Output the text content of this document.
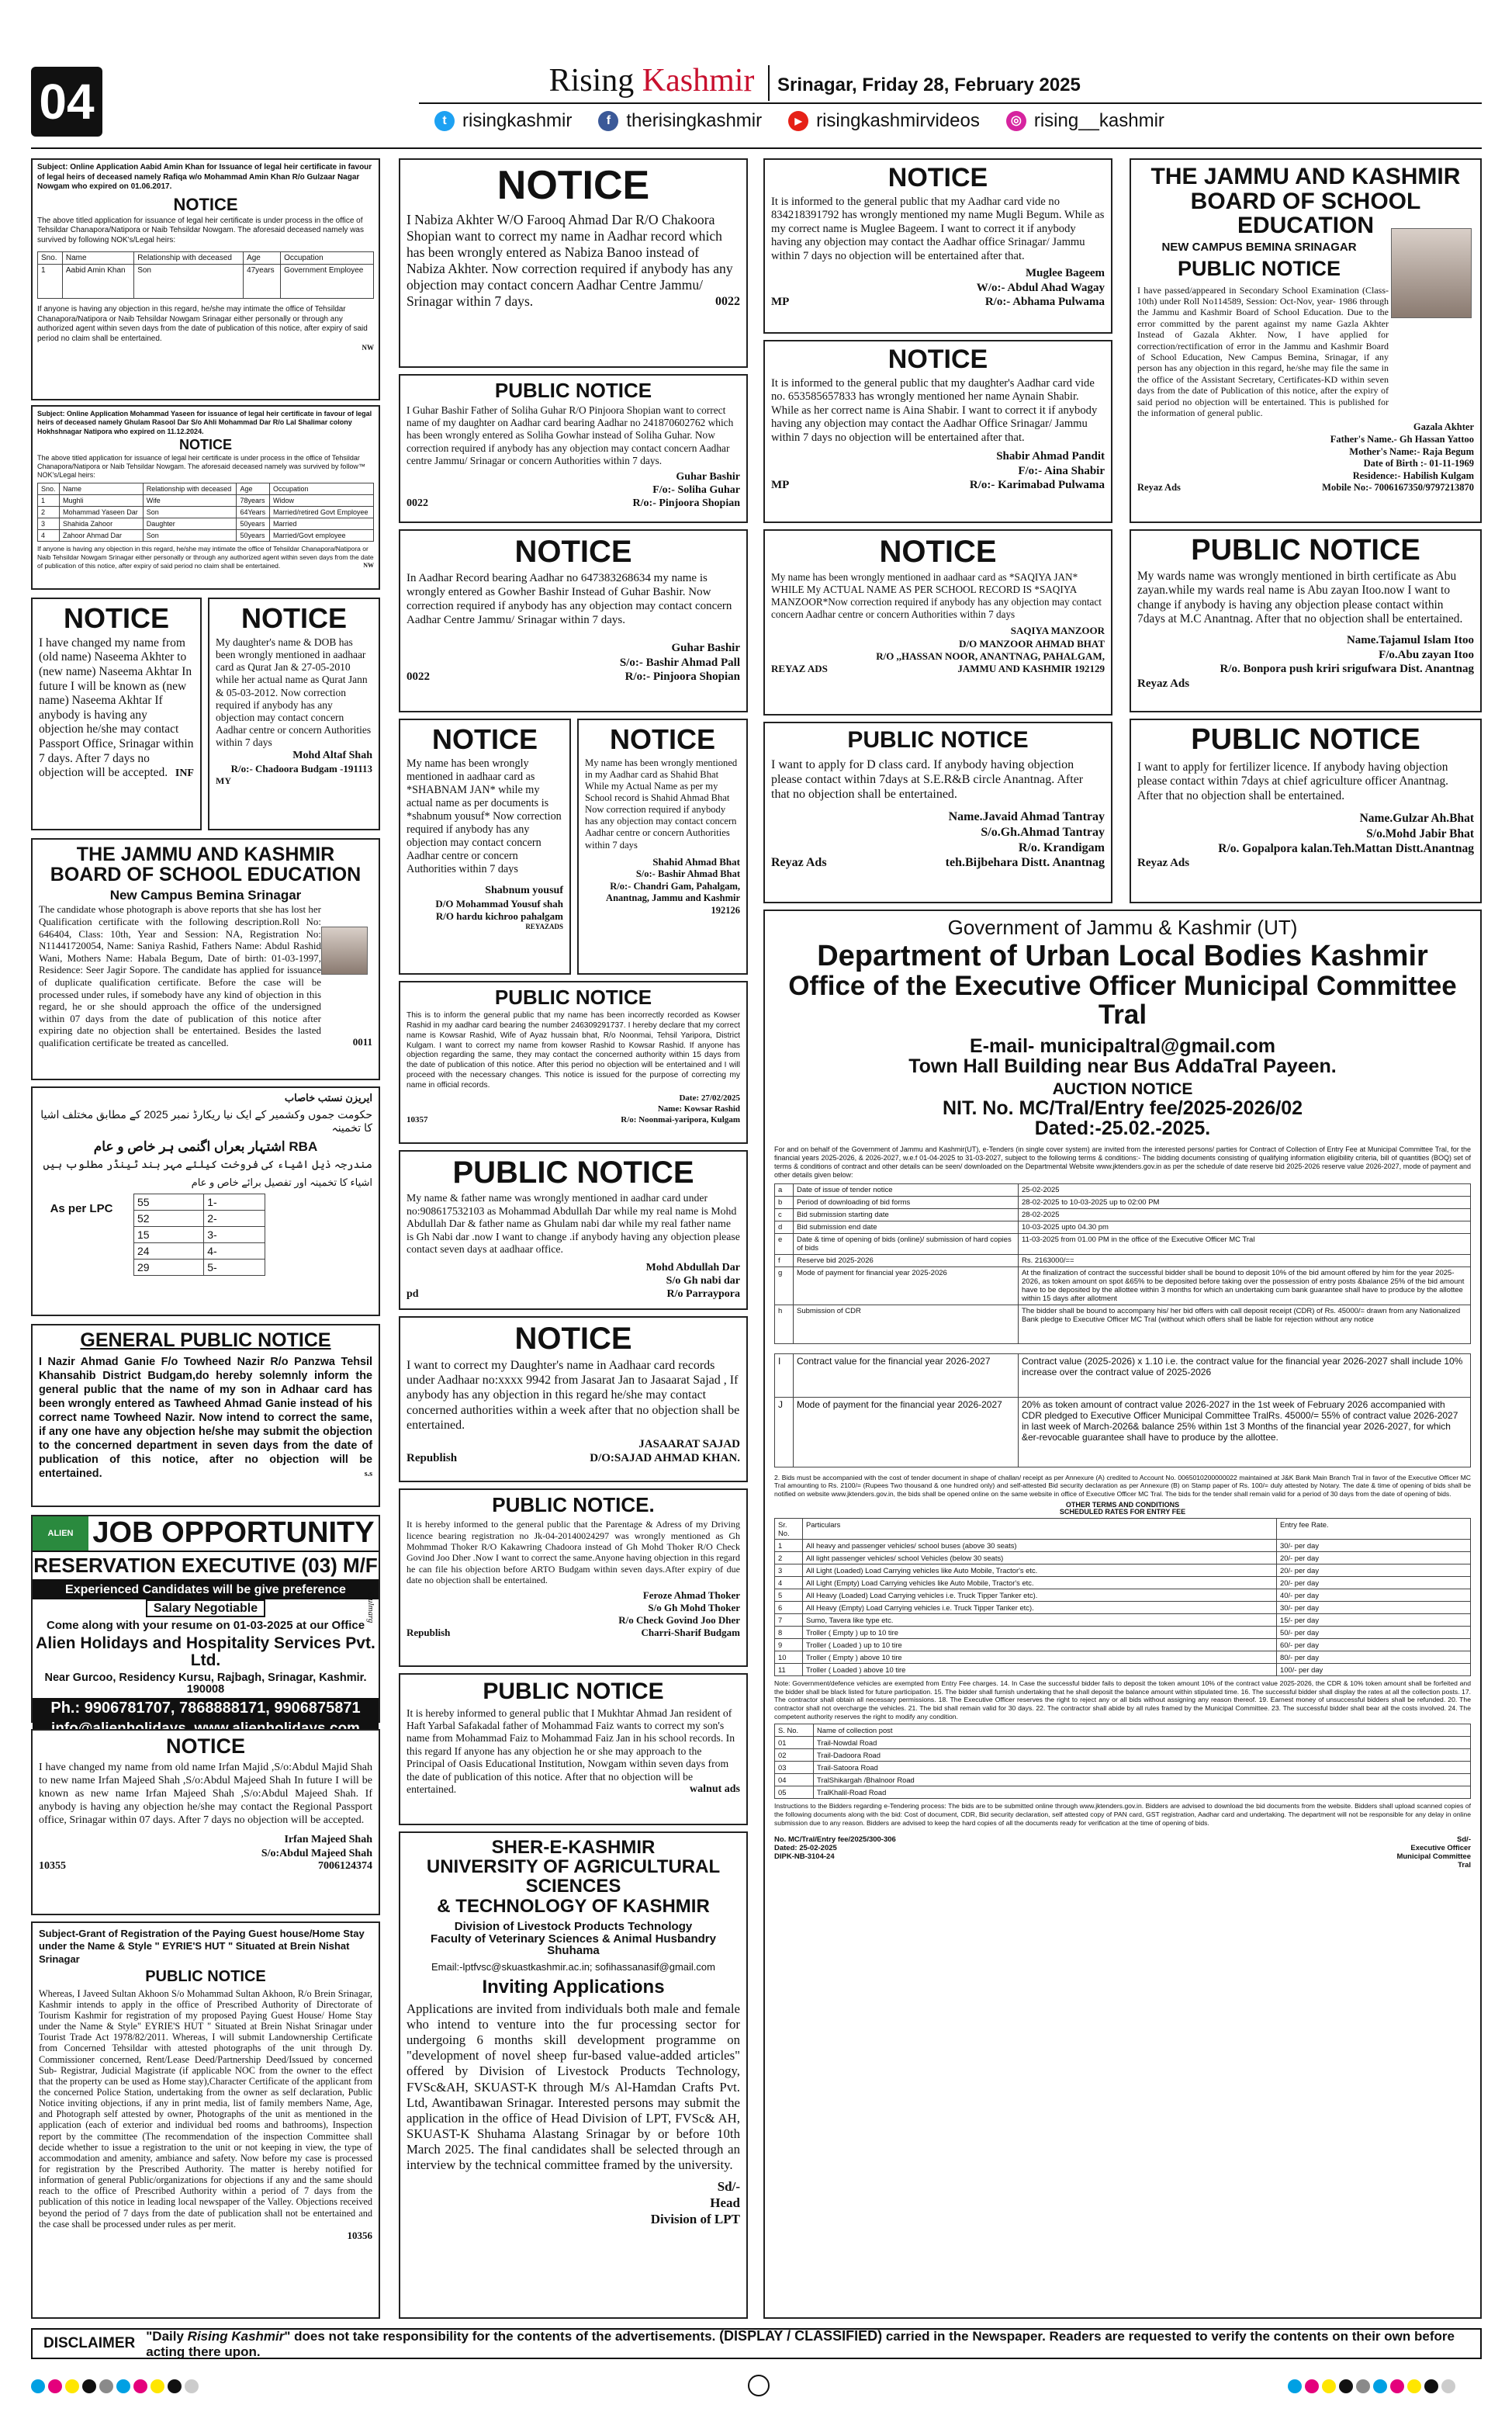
04	Rising Kashmir	Srinagar, Friday 28, February 2025
t risingkashmir	f therisingkashmir	▶ risingkashmirvideos	◎ rising__kashmir
Subject: Online Application Aabid Amin Khan for Issuance of legal heir certificate in favour of legal heirs of deceased namely Rafiqa w/o Mohammad Amin Khan R/o Gulzaar Nagar Nowgam who expired on 01.06.2017.
NOTICE
The above titled application for issuance of legal heir certificate is under process in the office of Tehsildar Chanapora/Natipora or Naib Tehsildar Nowgam. The aforesaid deceased namely was survived by following NOK's/Legal heirs:
Sno.	Name	Relationship with deceased	Age	Occupation
1	Aabid Amin Khan	Son	47years	Government Employee
If anyone is having any objection in this regard, he/she may intimate the office of Tehsildar Chanapora/Natipora or Naib Tehsildar Nowgam Srinagar either personally or through any authorized agent within seven days from the date of publication of this notice, after expiry of said period no claim shall be entertained.
NW
Subject: Online Application Mohammad Yaseen for issuance of legal heir certificate in favour of legal heirs of deceased namely Ghulam Rasool Dar S/o Ahli Mohammad Dar R/o Lal Shalimar colony Hokhshnagar Natipora who expired on 11.12.2024.
NOTICE
The above titled application for issuance of legal heir certificate is under process in the office of Tehsildar Chanapora/Natipora or Naib Tehsildar Nowgam. The aforesaid deceased namely was survived by follow™ NOK's/Legal heirs:
Sno.	Name	Relationship with deceased	Age	Occupation
1	Mughli	Wife	78years	Widow
2	Mohammad Yaseen Dar	Son	64Years	Married/retired Govt Employee
3	Shahida Zahoor	Daughter	50years	Married
4	Zahoor Ahmad Dar	Son	50years	Married/Govt employee
If anyone is having any objection in this regard, he/she may intimate the office of Tehsildar Chanapora/Natipora or Naib Tehsildar Nowgam Srinagar either personally or through any authorized agent within seven days from the date of publication of this notice, after expiry of said period no claim shall be entertained.	NW
NOTICE
I have changed my name from (old name) Naseema Akhter to (new name) Naseema Akhtar In future I will be known as (new name) Naseema Akhtar If anybody is having any objection he/she may contact Passport Office, Srinagar within 7 days. After 7 days no objection will be accepted. INF
NOTICE
My daughter's name & DOB has been wrongly mentioned in aadhaar card as Qurat Jan & 27-05-2010 while her actual name as Qurat Jann & 05-03-2012. Now correction required if anybody has any objection may contact concern Aadhar centre or concern Authorities within 7 days
Mohd Altaf Shah
R/o:- Chadoora Budgam -191113
MY
THE JAMMU AND KASHMIR BOARD OF SCHOOL EDUCATION
New Campus Bemina Srinagar
The candidate whose photograph is above reports that she has lost her Qualification certificate with the following description.Roll No: 646404, Class: 10th, Year and Session: NA, Registration No: N11441720054, Name: Saniya Rashid, Fathers Name: Abdul Rashid Wani, Mothers Name: Habala Begum, Date of birth: 01-03-1997, Residence: Seer Jagir Sopore. The candidate has applied for issuance of duplicate qualification certificate. Before the case will be processed under rules, if somebody have any kind of objection in this regard, he or she should approach the office of the undersigned within 07 days from the date of publication of this notice after expiring date no objection shall be entertained. Besides the lasted qualification certificate be treated as cancelled.	0011
ایریزن نستب خاصاب
حکومت جموں وکشمیر کے ایک نیا ریکارڈ نمبر 2025 کے مطابق مختلف اشیا کا تخمینہ
RBA اشتہار بعراں اگنمی ہر خاص و عام
مندرجہ ذیل اشیاء کی فروخت کیلئے مہر بند ٹینڈر مطلوب ہیں
اشیاء کا تخمینہ اور تفصیل برائے خاص و عام
As per LPC	55	1-
52	2-
15	3-
24	4-
29	5-
GENERAL PUBLIC NOTICE
I Nazir Ahmad Ganie F/o Towheed Nazir R/o Panzwa Tehsil Khansahib District Budgam,do hereby solemnly inform the general public that the name of my son in Adhaar card has been wrongly entered as Tawheed Ahmad Ganie instead of his correct name Towheed Nazir. Now intend to correct the same, if any one have any objection he/she may submit the objection to the concerned department in seven days from the date of publication of this notice, after no objection will be entertained.	s.s
ALIEN JOB OPPORTUNITY
RESERVATION EXECUTIVE (03) M/F
Experienced Candidates will be give preference
Salary Negotiable	Gulmarg
Come along with your resume on 01-03-2025 at our Office
Alien Holidays and Hospitality Services Pvt. Ltd.
Near Gurcoo, Residency Kursu, Rajbagh, Srinagar, Kashmir. 190008
Ph.: 9906781707, 7868888171, 9906875871
NOTICE
I have changed my name from old name Irfan Majid ,S/o:Abdul Majid Shah to new name Irfan Majeed Shah ,S/o:Abdul Majeed Shah In future I will be known as new name Irfan Majeed Shah ,S/o:Abdul Majeed Shah. If anybody is having any objection he/she may contact the Regional Passport office, Srinagar within 07 days. After 7 days no objection will be accepted.
Irfan Majeed Shah
S/o:Abdul Majeed Shah
10355	7006124374
Subject-Grant of Registration of the Paying Guest house/Home Stay under the Name & Style " EYRIE'S HUT " Situated at Brein Nishat Srinagar
PUBLIC NOTICE
Whereas, I Javeed Sultan Akhoon S/o Mohammad Sultan Akhoon, R/o Brein Srinagar, Kashmir intends to apply in the office of Prescribed Authority of Directorate of Tourism Kashmir for registration of my proposed Paying Guest House/ Home Stay under the Name & Style" EYRIE'S HUT " Situated at Brein Nishat Srinagar under Tourist Trade Act 1978/82/2011. Whereas, I will submit Landownership Certificate from Concerned Tehsildar with attested photographs of the unit through Dy. Commissioner concerned, Rent/Lease Deed/Partnership Deed/Issued by concerned Sub- Registrar, Judicial Magistrate (if applicable NOC from the owner to the effect that the property can be used as Home stay),Character Certificate of the applicant from the concerned Police Station, undertaking from the owner as self declaration, Public Notice inviting objections, if any in print media, list of family members Name, Age, and Photograph self attested by owner, Photographs of the unit as mentioned in the application (each of exterior and individual bed rooms and bathrooms), Inspection report by the committee (The recommendation of the inspection Committee shall decide whether to issue a registration to the unit or not keeping in view, the type of accommodation and amenity, ambiance and safety. Now before my case is processed for registration by the Prescribed Authority. The matter is hereby notified for information of general Public/organizations for objections if any and the same should reach to the office of Prescribed Authority within a period of 7 days from the publication of this notice in leading local newspaper of the Valley. Objections received beyond the period of 7 days from the date of publication shall not be entertained and the case shall be processed under rules as per merit.
10356
NOTICE
I Nabiza Akhter W/O Farooq Ahmad Dar R/O Chakoora Shopian want to correct my name in Aadhar record which has been wrongly entered as Nabiza Banoo instead of Nabiza Akhter. Now correction required if anybody has any objection may contact concern Aadhar Centre Jammu/ Srinagar within 7 days.	0022
PUBLIC NOTICE
I Guhar Bashir Father of Soliha Guhar R/O Pinjoora Shopian want to correct name of my daughter on Aadhar card bearing Aadhar no 241870602762 which has been wrongly entered as Soliha Gowhar instead of Soliha Guhar. Now correction required if anybody has any objection may contact concern Aadhar centre Jammu/ Srinagar or concern Authorities within 7 days.
Guhar Bashir
F/o:- Soliha Guhar
0022	R/o:- Pinjoora Shopian
NOTICE
In Aadhar Record bearing Aadhar no 647383268634 my name is wrongly entered as Gowher Bashir Instead of Guhar Bashir. Now correction required if anybody has any objection may contact concern Aadhar Centre Jammu/ Srinagar within 7 days.
Guhar Bashir
S/o:- Bashir Ahmad Pall
0022	R/o:- Pinjoora Shopian
NOTICE
My name has been wrongly mentioned in aadhaar card as *SHABNAM JAN* while my actual name as per documents is *shabnum yousuf* Now correction required if anybody has any objection may contact concern Aadhar centre or concern Authorities within 7 days
Shabnum yousuf
D/O Mohammad Yousuf shah
R/O hardu kichroo pahalgam
REYAZADS
NOTICE
My name has been wrongly mentioned in my Aadhar card as Shahid Bhat While my Actual Name as per my School record is Shahid Ahmad Bhat Now correction required if anybody has any objection may contact concern Aadhar centre or concern Authorities within 7 days
Shahid Ahmad Bhat
S/o:- Bashir Ahmad Bhat
R/o:- Chandri Gam, Pahalgam,
Anantnag, Jammu and Kashmir
192126
PUBLIC NOTICE
This is to inform the general public that my name has been incorrectly recorded as Kowser Rashid in my aadhar card bearing the number 246309291737. I hereby declare that my correct name is Kowsar Rashid, Wife of Ayaz hussain bhat, R/o Noonmai, Tehsil Yaripora, District Kulgam. I want to correct my name from kowser Rashid to Kowsar Rashid. If anyone has objection regarding the same, they may contact the concerned authority within 15 days from the date of publication of this notice. After this period no objection will be entertained and I will proceed with the necessary changes. This notice is issued for the purpose of correcting my name in official records.
Date: 27/02/2025
Name: Kowsar Rashid
10357	R/o: Noonmai-yaripora, Kulgam
PUBLIC NOTICE
My name & father name was wrongly mentioned in aadhar card under no:908617532103 as Mohammad Abdullah Dar while my real name is Mohd Abdullah Dar & father name as Ghulam nabi dar while my real father name is Gh Nabi dar .now I want to change .if anybody having any objection please contact seven days at aadhaar office.
Mohd Abdullah Dar
S/o Gh nabi dar
pd	R/o Parraypora
NOTICE
I want to correct my Daughter's name in Aadhaar card records under Aadhaar no:xxxx 9942 from Jasarat Jan to Jasaarat Sajad , If anybody has any objection in this regard he/she may contact concerned authorities within a week after that no objection shall be entertained.
JASAARAT SAJAD
Republish	D/O:SAJAD AHMAD KHAN.
PUBLIC NOTICE.
It is hereby informed to the general public that the Parentage & Adress of my Driving licence bearing registration no Jk-04-20140024297 was wrongly mentioned as Gh Mohmmad Thoker R/O Kakawring Chadoora instead of Gh Mohd Thoker R/O Check Govind Joo Dher .Now I want to correct the same.Anyone having objection in this regard he can file his objection before ARTO Budgam within seven days.After expiry of due date no objection shall be entertained.
Feroze Ahmad Thoker
S/o Gh Mohd Thoker
R/o Check Govind Joo Dher
Republish	Charri-Sharif Budgam
PUBLIC NOTICE
It is hereby informed to general public that I Mukhtar Ahmad Jan resident of Haft Yarbal Safakadal father of Mohammad Faiz wants to correct my son's name from Mohammad Faiz to Mohammad Faiz Jan in his school records. In this regard If anyone has any objection he or she may approach to the Principal of Oasis Educational Institution, Nowgam within seven days from the date of publication of this notice. After that no objection will be entertained.	walnut ads
SHER-E-KASHMIR
UNIVERSITY OF AGRICULTURAL SCIENCES
& TECHNOLOGY OF KASHMIR
Division of Livestock Products Technology
Faculty of Veterinary Sciences & Animal Husbandry
Shuhama
Email:-lptfvsc@skuastkashmir.ac.in; sofihassanasif@gmail.com
Inviting Applications
Applications are invited from individuals both male and female who intend to venture into the fur processing sector for undergoing 6 months skill development programme on "development of novel sheep fur-based value-added articles" offered by Division of Livestock Products Technology, FVSc&AH, SKUAST-K through M/s Al-Hamdan Crafts Pvt. Ltd, Awantibawan Srinagar. Interested persons may submit the application in the office of Head Division of LPT, FVSc& AH, SKUAST-K Shuhama Alastang Srinagar by or before 10th March 2025. The final candidates shall be selected through an interview by the technical committee framed by the university.
Sd/-
Head
Division of LPT
NOTICE
It is informed to the general public that my Aadhar card vide no 834218391792 has wrongly mentioned my name Mugli Begum. While as my correct name is Muglee Bageem. I want to correct it if anybody having any objection may contact the Aadhar office Srinagar/ Jammu within 7 days no objection will be entertained after that.
Muglee Bageem
W/o:- Abdul Ahad Wagay
MP	R/o:- Abhama Pulwama
NOTICE
It is informed to the general public that my daughter's Aadhar card vide no. 653585657833 has wrongly mentioned her name Aynain Shabir. While as her correct name is Aina Shabir. I want to correct it if anybody having any objection may contact the Aadhar Office Srinagar/ Jammu within 7 days no objection will be entertained after that.
Shabir Ahmad Pandit
F/o:- Aina Shabir
MP	R/o:- Karimabad Pulwama
NOTICE
My name has been wrongly mentioned in aadhaar card as *SAQIYA JAN* WHILE My ACTUAL NAME AS PER SCHOOL RECORD IS *SAQIYA MANZOOR*Now correction required if anybody has any objection may contact concern Aadhar centre or concern Authorities within 7 days
SAQIYA MANZOOR
D/O MANZOOR AHMAD BHAT
R/O ,,HASSAN NOOR, ANANTNAG, PAHALGAM,
REYAZ ADS	JAMMU AND KASHMIR 192129
PUBLIC NOTICE
I want to apply for D class card. If anybody having objection please contact within 7days at S.E.R&B circle Anantnag. After that no objection shall be entertained.
Name.Javaid Ahmad Tantray
S/o.Gh.Ahmad Tantray
R/o. Krandigam
Reyaz Ads	teh.Bijbehara Distt. Anantnag
THE JAMMU AND KASHMIR BOARD OF SCHOOL EDUCATION
NEW CAMPUS BEMINA SRINAGAR
PUBLIC NOTICE
I have passed/appeared in Secondary School Examination (Class-10th) under Roll No114589, Session: Oct-Nov, year- 1986 through the Jammu and Kashmir Board of School Education. Due to the error committed by the parent against my name Gazla Akhter Instead of Gazala Akhter. Now, I have applied for correction/rectification of error in the Jammu and Kashmir Board of School Education, New Campus Bemina, Srinagar, if any person has any objection in this regard, he/she may file the same in the office of the Assistant Secretary, Certificates-KD within seven days from the date of Publication of this notice, after the expiry of said period no objection will be entertained. This is published for the information of general public.
Gazala Akhter
Father's Name.- Gh Hassan Yattoo
Mother's Name:- Raja Begum
Date of Birth :- 01-11-1969
Residence:- Habilish Kulgam
Reyaz Ads	Mobile No:- 7006167350/9797213870
PUBLIC NOTICE
My wards name was wrongly mentioned in birth certificate as Abu zayan.while my wards real name is Abu zayan Itoo.now I want to change if anybody is having any objection please contact within 7days at M.C Anantnag. After that no objection shall be entertained.
Name.Tajamul Islam Itoo
F/o.Abu zayan Itoo
R/o. Bonpora push kriri srigufwara Dist. Anantnag
Reyaz Ads
PUBLIC NOTICE
I want to apply for fertilizer licence. If anybody having objection please contact within 7days at chief agriculture officer Anantnag. After that no objection shall be entertained.
Name.Gulzar Ah.Bhat
S/o.Mohd Jabir Bhat
R/o. Gopalpora kalan.Teh.Mattan Distt.Anantnag
Reyaz Ads
Government of Jammu & Kashmir (UT)
Department of Urban Local Bodies Kashmir
Office of the Executive Officer Municipal Committee Tral
E-mail- municipaltral@gmail.com
Town Hall Building near Bus AddaTral Payeen.
AUCTION NOTICE
NIT. No. MC/Tral/Entry fee/2025-2026/02
Dated:-25.02.-2025.
For and on behalf of the Government of Jammu and Kashmir(UT), e-Tenders (in single cover system) are invited from the interested persons/ parties for Contract of Collection of Entry Fee at Municipal Committee Tral, for the financial years 2025-2026, & 2026-2027, w.e.f 01-04-2025 to 31-03-2027, subject to the following terms & conditions:- The bidding documents consisting of qualifying information eligibility criteria, bill of quantities (BOQ) set of terms & conditions of contract and other details can be seen/ downloaded on the Departmental Website www.jktenders.gov.in as per the schedule of date reserve bid 2025-2026 reserve value 2026-2027, mode of payment and other details given below:
a	Date of issue of tender notice	25-02-2025
b	Period of downloading of bid forms	28-02-2025 to 10-03-2025 up to 02:00 PM
c	Bid submission starting date	28-02-2025
d	Bid submission end date	10-03-2025 upto 04.30 pm
e	Date & time of opening of bids (online)/ submission of hard copies of bids	11-03-2025 from 01.00 PM in the office of the Executive Officer MC Tral
f	Reserve bid 2025-2026	Rs. 2163000/==
g	Mode of payment for financial year 2025-2026	At the finalization of contract the successful bidder shall be bound to deposit 10% of the bid amount offered by him for the year 2025-2026, as token amount on spot &65% to be deposited before taking over the possession of entry posts &balance 25% of the bid amount have to be deposited by the allottee within 3 months for which an undertaking cum bank guarantee shall have to produce by the allottee within 15 days after allotment
h	Submission of CDR	The bidder shall be bound to accompany his/ her bid offers with call deposit receipt (CDR) of Rs. 45000/= drawn from any Nationalized Bank pledge to Executive Officer MC Tral (without which offers shall be liable for rejection without any notice
I	Contract value for the financial year 2026-2027	Contract value (2025-2026) x 1.10 i.e. the contract value for the financial year 2026-2027 shall include 10% increase over the contract value of 2025-2026
J	Mode of payment for the financial year 2026-2027	20% as token amount of contract value 2026-2027 in the 1st week of February 2026 accompanied with CDR pledged to Executive Officer Municipal Committee TralRs. 45000/= 55% of contract value 2026-2027 in last week of March-2026& balance 25% within 1st 3 Months of the financial year 2026-2027, for which &er-revocable guarantee shall have to produce by the allottee.
2. Bids must be accompanied with the cost of tender document in shape of challan/ receipt as per Annexure (A) credited to Account No. 0065010200000022 maintained at J&K Bank Main Branch Tral in favor of the Executive Officer MC Tral amounting to Rs. 2100/= (Rupees Two thousand & one hundred only) and self-attested Bid security declaration as per Annexure (B) on Stamp paper of Rs. 100/= duly attested by Notary. The date & time of opening of bids shall be notified on website www.jktenders.gov.in, the bids shall be opened online on the same website in office of Executive Officer MC Tral. The bids for the tender shall remain valid for a period of 30 days from the date of opening of bids.
OTHER TERMS AND CONDITIONS
SCHEDULED RATES FOR ENTRY FEE
Sr. No.	Particulars	Entry fee Rate.
1	All heavy and passenger vehicles/ school buses (above 30 seats)	30/- per day
2	All light passenger vehicles/ school Vehicles (below 30 seats)	20/- per day
3	All Light (Loaded) Load Carrying vehicles like Auto Mobile, Tractor's etc.	20/- per day
4	All Light (Empty) Load Carrying vehicles like Auto Mobile, Tractor's etc.	20/- per day
5	All Heavy (Loaded) Load Carrying vehicles i.e. Truck Tipper Tanker etc).	40/- per day
6	All Heavy (Empty) Load Carrying vehicles i.e. Truck Tipper Tanker etc).	30/- per day
7	Sumo, Tavera like type etc.	15/- per day
8	Troller ( Empty ) up to 10 tire	50/- per day
9	Troller ( Loaded ) up to 10 tire	60/- per day
10	Troller ( Empty ) above 10 tire	80/- per day
11	Troller ( Loaded ) above 10 tire	100/- per day
Note: Government/defence vehicles are exempted from Entry Fee charges. 14. In Case the successful bidder fails to deposit the token amount 10% of the contract value 2025-2026, the CDR & 10% token amount shall be forfeited and the bidder shall be black listed for future participation. 15. The bidder shall furnish undertaking that he shall deposit the balance amount within stipulated time. 16. The successful bidder shall display the rates at all the collection posts. 17. The contractor shall obtain all necessary permissions. 18. The Executive Officer reserves the right to reject any or all bids without assigning any reason thereof. 19. Earnest money of unsuccessful bidders shall be refunded. 20. The contractor shall not overcharge the vehicles. 21. The bid shall remain valid for 30 days. 22. The contractor shall abide by all rules framed by the Municipal Committee. 23. The successful bidder shall bear all the costs involved. 24. The competent authority reserves the right to modify any condition.
S. No.	Name of collection post
01	Trail-Nowdal Road
02	Trail-Dadoora Road
03	Trail-Satoora Road
04	TralShikargah /Bhalnoor Road
05	TralKhalil-Road Road
Instructions to the Bidders regarding e-Tendering process: The bids are to be submitted online through www.jktenders.gov.in. Bidders are advised to download the bid documents from the website. Bidders shall upload scanned copies of the following documents along with the bid: Cost of document, CDR, Bid security declaration, self attested copy of PAN card, GST registration, Aadhar card and undertaking. The department will not be responsible for any delay in online submission due to any reason. Bidders are advised to keep the hard copies of all the documents ready for verification at the time of opening of bids.
No. MC/Tral/Entry fee/2025/300-306
Dated: 25-02-2025
DIPK-NB-3104-24
Sd/-
Executive Officer
Municipal Committee
Tral
DISCLAIMER "Daily Rising Kashmir" does not take responsibility for the contents of the advertisements. (DISPLAY / CLASSIFIED) carried in the Newspaper. Readers are requested to verify the contents on their own before acting there upon.
